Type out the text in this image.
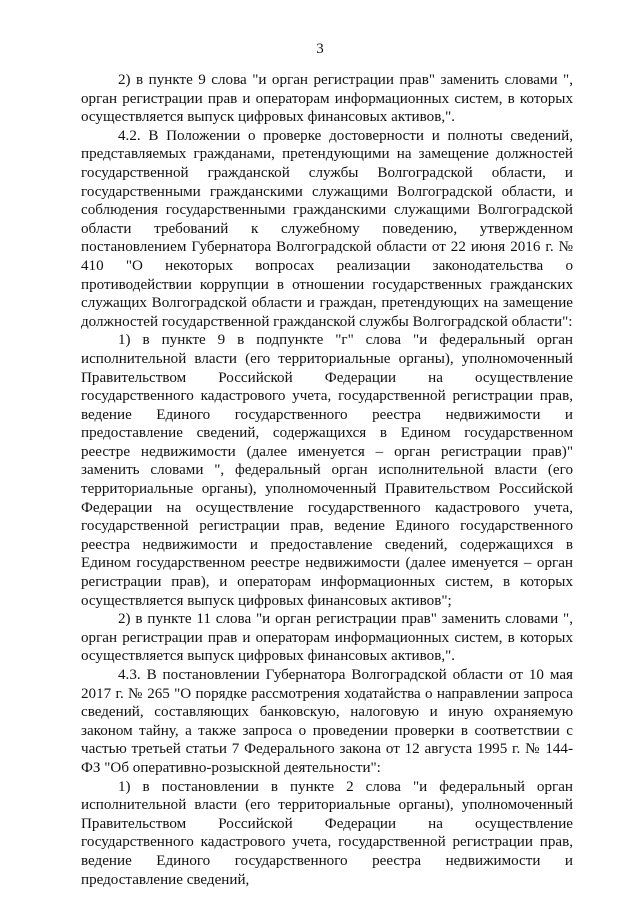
3

2) в пункте 9 слова "и орган регистрации прав" заменить словами ", орган регистрации прав и операторам информационных систем, в которых осуществляется выпуск цифровых финансовых активов,".

4.2. В Положении о проверке достоверности и полноты сведений, представляемых гражданами, претендующими на замещение должностей государственной гражданской службы Волгоградской области, и государственными гражданскими служащими Волгоградской области, и соблюдения государственными гражданскими служащими Волгоградской области требований к служебному поведению, утвержденном постановлением Губернатора Волгоградской области от 22 июня 2016 г. № 410 "О некоторых вопросах реализации законодательства о противодействии коррупции в отношении государственных гражданских служащих Волгоградской области и граждан, претендующих на замещение должностей государственной гражданской службы Волгоградской области":

1) в пункте 9 в подпункте "г" слова "и федеральный орган исполнительной власти (его территориальные органы), уполномоченный Правительством Российской Федерации на осуществление государственного кадастрового учета, государственной регистрации прав, ведение Единого государственного реестра недвижимости и предоставление сведений, содержащихся в Едином государственном реестре недвижимости (далее именуется – орган регистрации прав)" заменить словами ", федеральный орган исполнительной власти (его территориальные органы), уполномоченный Правительством Российской Федерации на осуществление государственного кадастрового учета, государственной регистрации прав, ведение Единого государственного реестра недвижимости и предоставление сведений, содержащихся в Едином государственном реестре недвижимости (далее именуется – орган регистрации прав), и операторам информационных систем, в которых осуществляется выпуск цифровых финансовых активов";

2) в пункте 11 слова "и орган регистрации прав" заменить словами ", орган регистрации прав и операторам информационных систем, в которых осуществляется выпуск цифровых финансовых активов,".

4.3. В постановлении Губернатора Волгоградской области от 10 мая 2017 г. № 265 "О порядке рассмотрения ходатайства о направлении запроса сведений, составляющих банковскую, налоговую и иную охраняемую законом тайну, а также запроса о проведении проверки в соответствии с частью третьей статьи 7 Федерального закона от 12 августа 1995 г. № 144-ФЗ "Об оперативно-розыскной деятельности":

1) в постановлении в пункте 2 слова "и федеральный орган исполнительной власти (его территориальные органы), уполномоченный Правительством Российской Федерации на осуществление государственного кадастрового учета, государственной регистрации прав, ведение Единого государственного реестра недвижимости и предоставление сведений,
